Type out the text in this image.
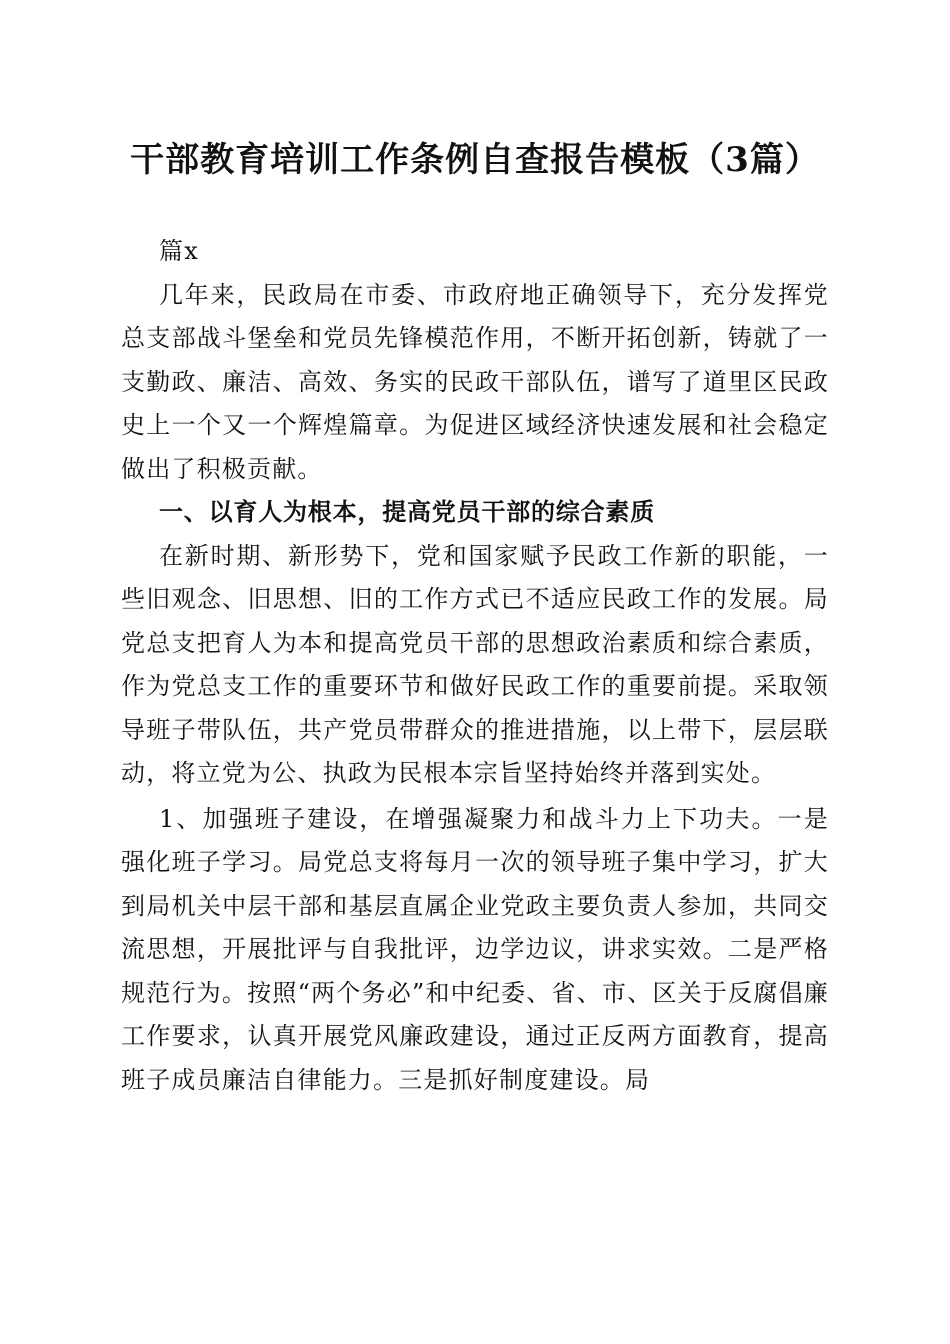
干部教育培训工作条例自查报告模板（3篇）

篇x

几年来，民政局在市委、市政府地正确领导下，充分发挥党总支部战斗堡垒和党员先锋模范作用，不断开拓创新，铸就了一支勤政、廉洁、高效、务实的民政干部队伍，谱写了道里区民政史上一个又一个辉煌篇章。为促进区域经济快速发展和社会稳定做出了积极贡献。

一、以育人为根本，提高党员干部的综合素质

在新时期、新形势下，党和国家赋予民政工作新的职能，一些旧观念、旧思想、旧的工作方式已不适应民政工作的发展。局党总支把育人为本和提高党员干部的思想政治素质和综合素质，作为党总支工作的重要环节和做好民政工作的重要前提。采取领导班子带队伍，共产党员带群众的推进措施，以上带下，层层联动，将立党为公、执政为民根本宗旨坚持始终并落到实处。

1、加强班子建设，在增强凝聚力和战斗力上下功夫。一是强化班子学习。局党总支将每月一次的领导班子集中学习，扩大到局机关中层干部和基层直属企业党政主要负责人参加，共同交流思想，开展批评与自我批评，边学边议，讲求实效。二是严格规范行为。按照“两个务必”和中纪委、省、市、区关于反腐倡廉工作要求，认真开展党风廉政建设，通过正反两方面教育，提高班子成员廉洁自律能力。三是抓好制度建设。局
